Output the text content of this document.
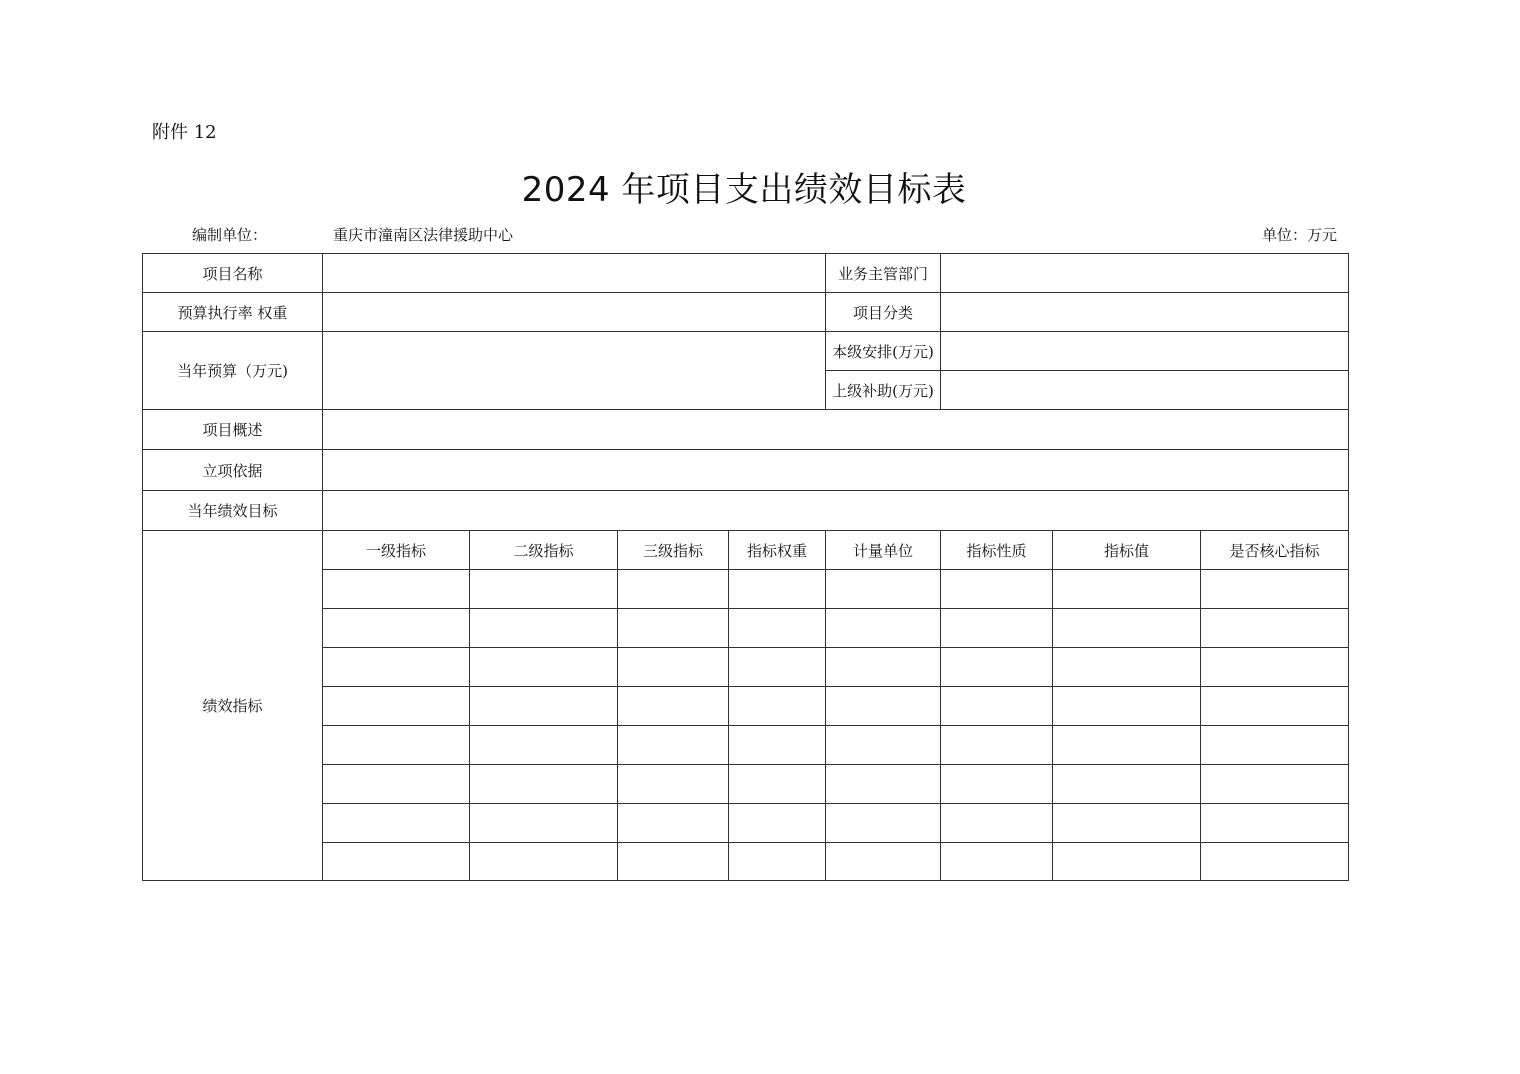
附件 12
2024 年项目支出绩效目标表
编制单位：	重庆市潼南区法律援助中心	单位：万元
项目名称					业务主管部门			
预算执行率 权重					项目分类			
当年预算（万元)					本级安排(万元)			
					上级补助(万元)			
项目概述								
立项依据								
当年绩效目标								
绩效指标	一级指标	二级指标	三级指标	指标权重	计量单位	指标性质	指标值	是否核心指标
